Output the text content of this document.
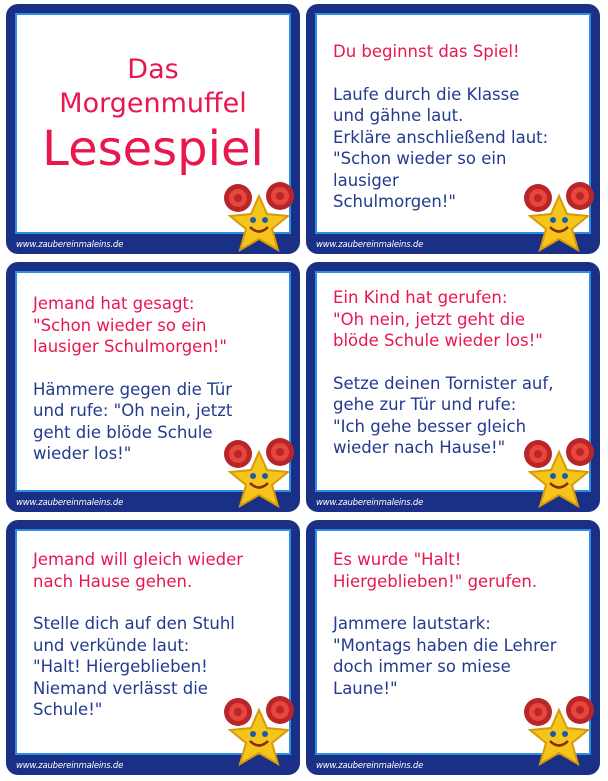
Das
Morgenmuffel
Lesespiel
www.zaubereinmaleins.de
Du beginnst das Spiel!
Laufe durch die Klasse
und gähne laut.
Erkläre anschließend laut:
"Schon wieder so ein
lausiger
Schulmorgen!"
www.zaubereinmaleins.de
Jemand hat gesagt:
"Schon wieder so ein
lausiger Schulmorgen!"
Hämmere gegen die Tür
und rufe: "Oh nein, jetzt
geht die blöde Schule
wieder los!"
www.zaubereinmaleins.de
Ein Kind hat gerufen:
"Oh nein, jetzt geht die
blöde Schule wieder los!"
Setze deinen Tornister auf,
gehe zur Tür und rufe:
"Ich gehe besser gleich
wieder nach Hause!"
www.zaubereinmaleins.de
Jemand will gleich wieder
nach Hause gehen.
Stelle dich auf den Stuhl
und verkünde laut:
"Halt! Hiergeblieben!
Niemand verlässt die
Schule!"
www.zaubereinmaleins.de
Es wurde "Halt!
Hiergeblieben!" gerufen.
Jammere lautstark:
"Montags haben die Lehrer
doch immer so miese
Laune!"
www.zaubereinmaleins.de
